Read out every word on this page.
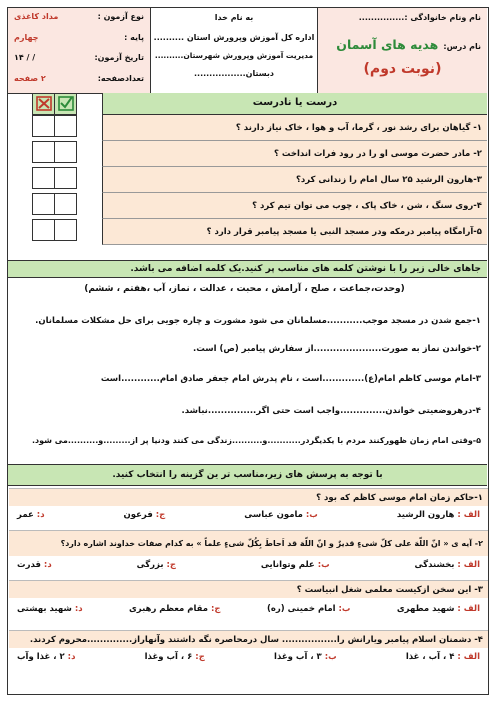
نام ونام خانوادگی :...............
نام درس: هدیه های آسمان
(نوبت دوم)
به نام خدا
اداره کل آموزش وپرورش استان ..........
مدیریت آموزش وپرورش شهرستان..........
دبستان.................
نوع آزمون :
مداد کاغذی
پایه :
چهارم
تاریخ آزمون:
/ / ۱۴
تعدادصفحه:
۲ صفحه
درست یا نادرست
۱- گیاهان برای رشد نور ، گرما، آب و هوا ، خاک نیاز دارند ؟
۲- مادر حضرت موسی او را در رود فرات انداخت ؟
۳-هارون الرشید ۲۵ سال امام را زندانی کرد؟
۴-روی سنگ ، شن ، خاک پاک ، چوب می توان تیم کرد ؟
۵-آرامگاه پیامبر درمکه ودر مسجد النبی یا مسجد پیامبر قرار دارد ؟
جاهای خالی زیر را با نوشتن کلمه های مناسب پر کنید.یک کلمه اضافه می باشد.
(وحدت،جماعت ، صلح ، آرامش ، محبت ، عدالت ، نماز، آب ،هفتم ، ششم)
۱-جمع شدن در مسجد موجب...........مسلمانان می شود مشورت و چاره جویی برای حل مشکلات مسلمانان.
۲-خواندن نماز به صورت.....................از سفارش پیامبر (ص) است.
۳-امام موسی کاظم امام(ع).............است ، نام پدرش امام جعفر صادق امام............است
۴-درهروضعیتی خواندن..............واجب است حتی اگر...............نباشد.
۵-وقتی امام زمان ظهورکنند مردم با یکدیگردر...........و..........زندگی می کنند ودنیا پر از.........و..........می شود.
با توجه به پرسش های زیر،مناسب تر ین گزینه را انتخاب کنید.
۱-حاکم زمان امام موسی کاظم که بود ؟
الف : هارون الرشید
ب: مامون عباسی
ج: فرعون
د: عمر
۲- آیه ی « انّ اللّهَ علی کلّ شیءٍ قدیرٌ و انّ اللّهَ قد اَحاطَ بِکُلّ شیءٍ علماً » به کدام صفات خداوند اشاره دارد؟
الف : بخشندگی
ب: علم وتوانایی
ج: بزرگی
د: قدرت
۳- این سخن ازکیست معلمی شغل انبیاست ؟
الف : شهید مطهری
ب: امام خمینی (ره)
ج: مقام معظم رهبری
د: شهید بهشتی
۴- دشمنان اسلام پیامبر ویارانش را................. سال درمحاصره نگه داشتند وآنهاراز..............محروم کردند.
الف : ۴ ، آب ، غذا
ب: ۳ ، آب وغذا
ج: ۶ ، آب وغذا
د: ۲ ، غذا وآب
